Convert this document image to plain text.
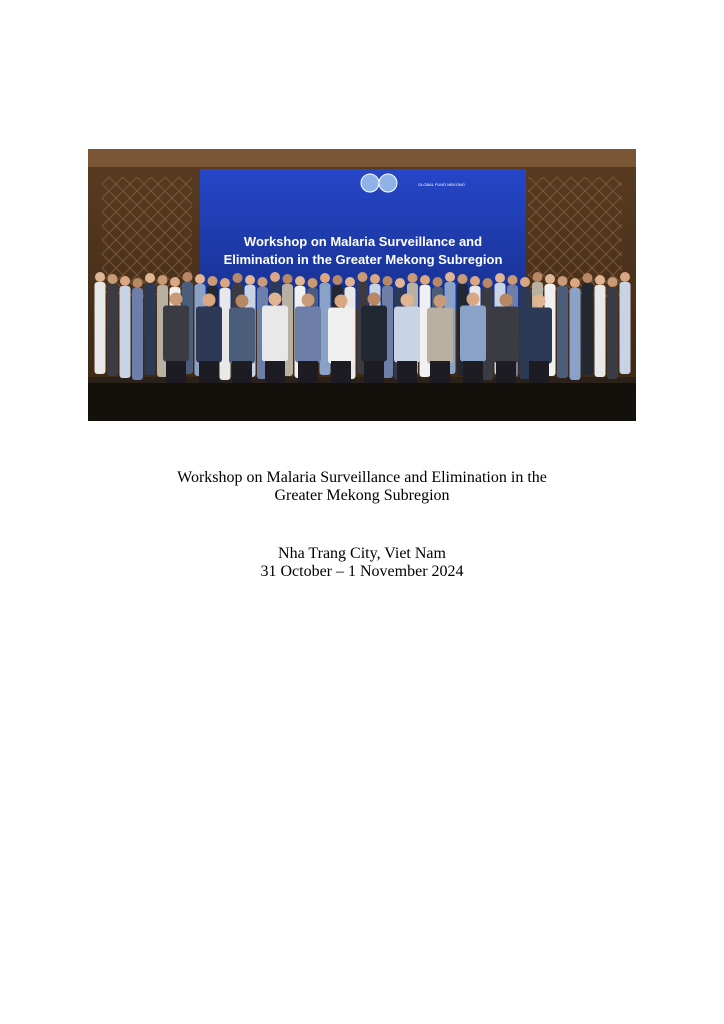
GLOBAL FUND MEKONG
Workshop on Malaria Surveillance and
Elimination in the Greater Mekong Subregion
Workshop on Malaria Surveillance and Elimination in the
Greater Mekong Subregion
Nha Trang City, Viet Nam
31 October – 1 November 2024
